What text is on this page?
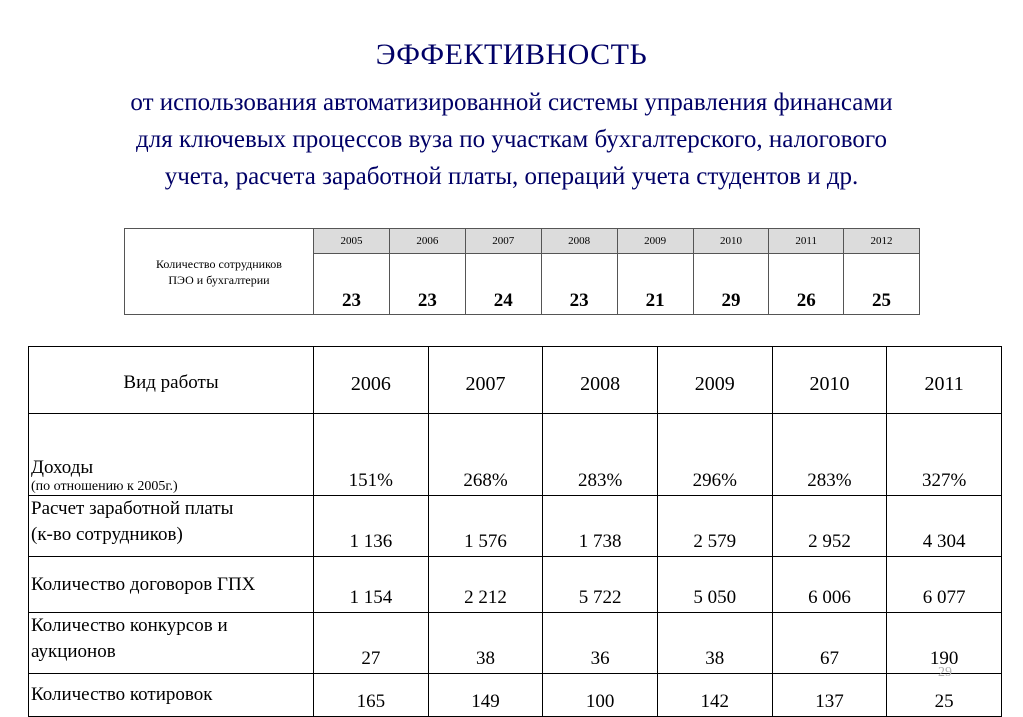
ЭФФЕКТИВНОСТЬ
от использования автоматизированной системы управления финансами
для ключевых процессов вуза по участкам бухгалтерского, налогового
учета, расчета заработной платы, операций учета студентов и др.
Количество сотрудников
ПЭО и бухгалтерии	2005	2006	2007	2008	2009	2010	2011	2012
	23	23	24	23	21	29	26	25
Вид работы	2006	2007	2008	2009	2010	2011

Доходы
(по отношению к 2005г.)	151%	268%	283%	296%	283%	327%

Расчет заработной платы
(к-во сотрудников)	1 136	1 576	1 738	2 579	2 952	4 304
Количество договоров ГПХ	1 154	2 212	5 722	5 050	6 006	6 077

Количество конкурсов и
аукционов	27	38	36	38	67	190
Количество котировок	165	149	100	142	137	25
29
